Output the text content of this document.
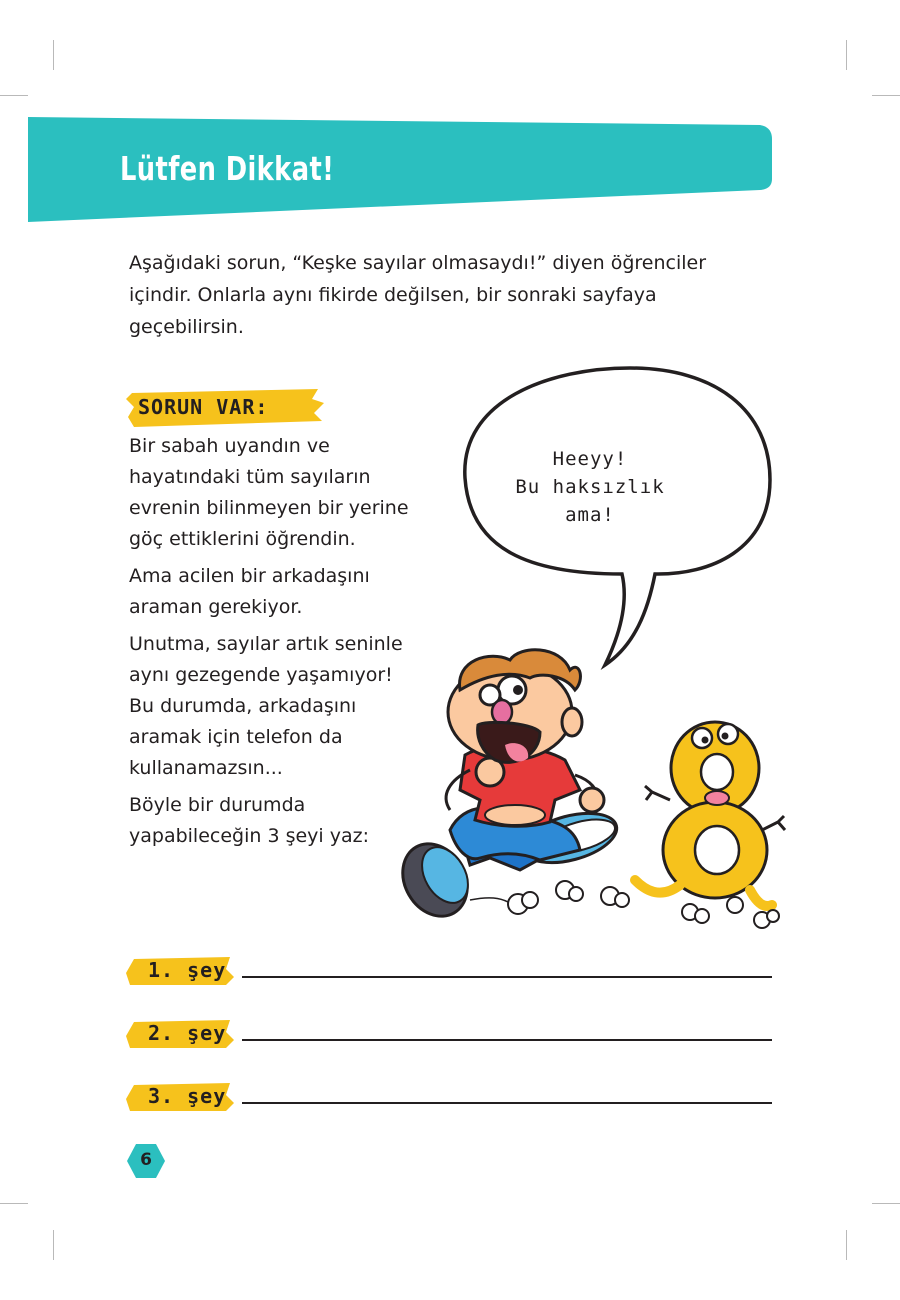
Lütfen Dikkat!

Aşağıdaki sorun, “Keşke sayılar olmasaydı!” diyen öğrenciler içindir. Onlarla aynı fikirde değilsen, bir sonraki sayfaya geçebilirsin.

SORUN VAR:

Bir sabah uyandın ve hayatındaki tüm sayıların evrenin bilinmeyen bir yerine göç ettiklerini öğrendin.

Ama acilen bir arkadaşını araman gerekiyor.

Unutma, sayılar artık seninle aynı gezegende yaşamıyor! Bu durumda, arkadaşını aramak için telefon da kullanamazsın...

Böyle bir durumda yapabileceğin 3 şeyi yaz:

Heeyy!
Bu haksızlık ama!
1. şey
2. şey
3. şey
6
